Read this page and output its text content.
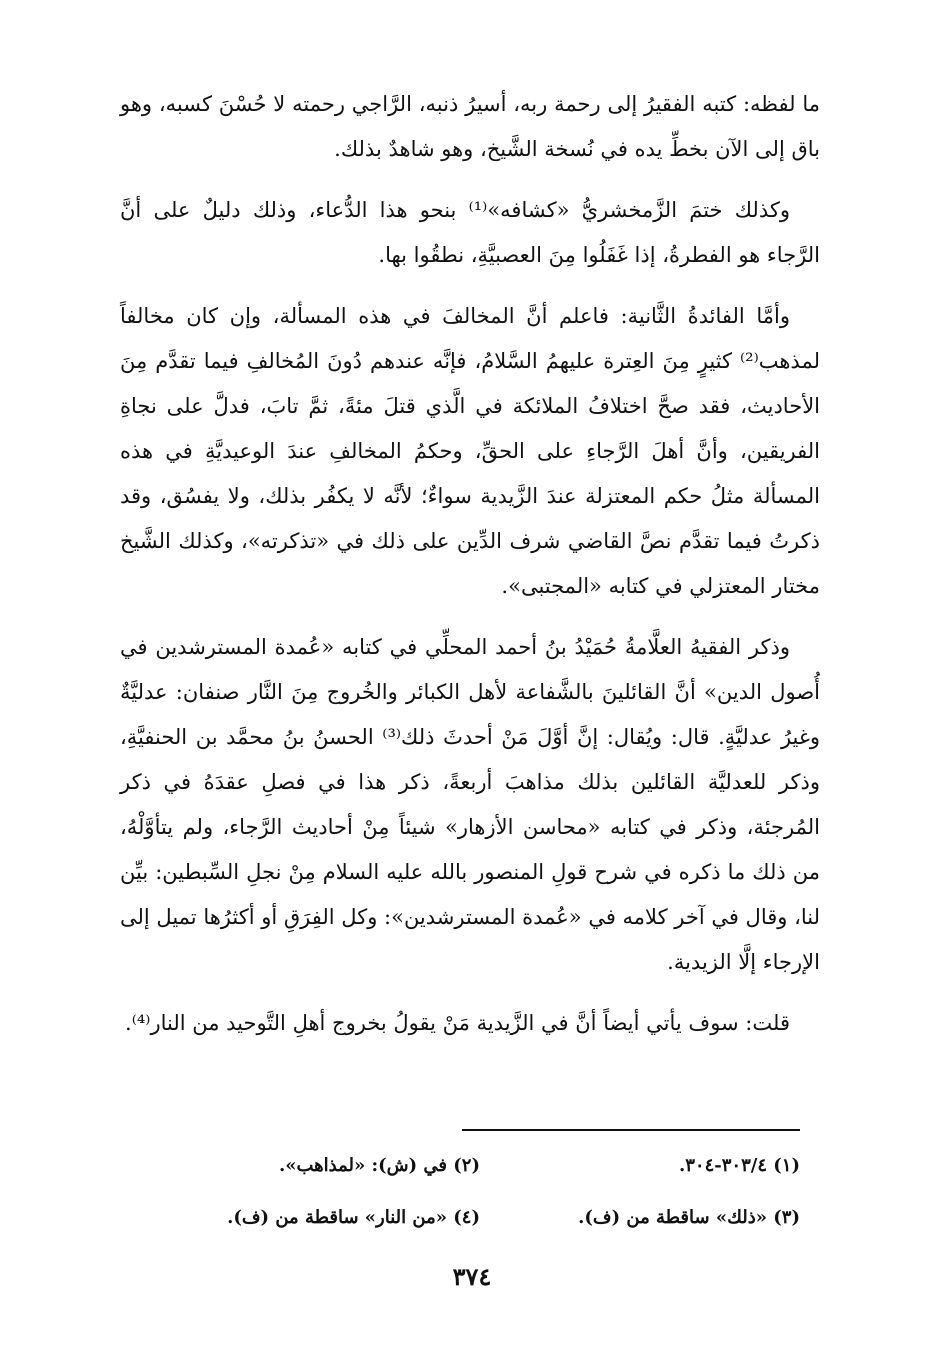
ما لفظه: كتبه الفقيرُ إلى رحمة ربه، أسيرُ ذنبه، الرَّاجي رحمته لا حُسْنَ كسبه، وهو باق إلى الآن بخطِّ يده في نُسخة الشَّيخ، وهو شاهدٌ بذلك.

وكذلك ختمَ الزَّمخشريُّ «كشافه»⁽¹⁾ بنحو هذا الدُّعاء، وذلك دليلٌ على أنَّ الرَّجاء هو الفطرةُ، إذا غَفَلُوا مِنَ العصبيَّةِ، نطقُوا بها.

وأمَّا الفائدةُ الثَّانية: فاعلم أنَّ المخالفَ في هذه المسألة، وإن كان مخالفاً لمذهب⁽²⁾ كثيرٍ مِنَ العِترة عليهمُ السَّلامُ، فإنَّه عندهم دُونَ المُخالفِ فيما تقدَّم مِنَ الأحاديث، فقد صحَّ اختلافُ الملائكة في الَّذي قتلَ مئةً، ثمَّ تابَ، فدلَّ على نجاةِ الفريقين، وأنَّ أهلَ الرَّجاءِ على الحقِّ، وحكمُ المخالفِ عندَ الوعيديَّةِ في هذه المسألة مثلُ حكم المعتزلة عندَ الزَّيدية سواءٌ؛ لأنَّه لا يكفُر بذلك، ولا يفسُق، وقد ذكرتُ فيما تقدَّم نصَّ القاضي شرف الدِّين على ذلك في «تذكرته»، وكذلك الشَّيخ مختار المعتزلي في كتابه «المجتبى».

وذكر الفقيهُ العلَّامةُ حُمَيْدُ بنُ أحمد المحلِّي في كتابه «عُمدة المسترشدين في أُصول الدين» أنَّ القائلينَ بالشَّفاعة لأهل الكبائر والخُروج مِنَ النَّار صنفان: عدليَّةٌ وغيرُ عدليَّةٍ. قال: ويُقال: إنَّ أوَّلَ مَنْ أحدثَ ذلك⁽³⁾ الحسنُ بنُ محمَّد بن الحنفيَّةِ، وذكر للعدليَّة القائلين بذلك مذاهبَ أربعةً، ذكر هذا في فصلِ عقدَهُ في ذكر المُرجئة، وذكر في كتابه «محاسن الأزهار» شيئاً مِنْ أحاديث الرَّجاء، ولم يتأوَّلْهُ، من ذلك ما ذكره في شرح قولِ المنصور بالله عليه السلام مِنْ نجلِ السِّبطين: بيِّن لنا، وقال في آخر كلامه في «عُمدة المسترشدين»: وكل الفِرَقِ أو أكثرُها تميل إلى الإرجاء إلَّا الزيدية.

قلت: سوف يأتي أيضاً أنَّ في الزَّيدية مَنْ يقولُ بخروج أهلِ التَّوحيد من النار⁽⁴⁾.

(١) ٣٠٣/٤-٣٠٤.
(٢) في (ش): «لمذاهب».
(٣) «ذلك» ساقطة من (ف).
(٤) «من النار» ساقطة من (ف).
٣٧٤
